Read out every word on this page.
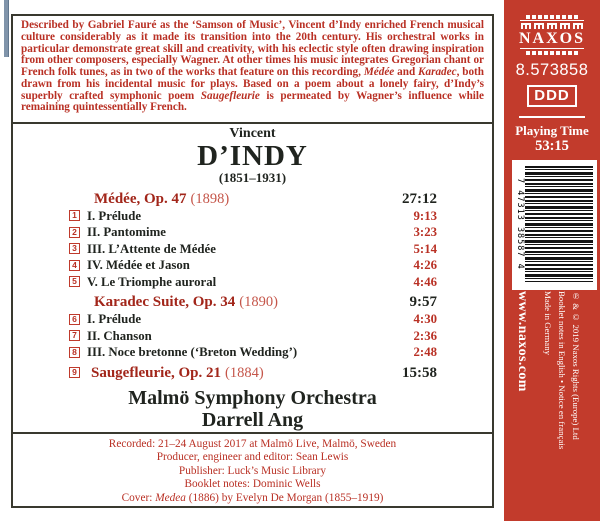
Described by Gabriel Fauré as the ‘Samson of Music’, Vincent d’Indy enriched French musical culture considerably as it made its transition into the 20th century. His orchestral works in particular demonstrate great skill and creativity, with his eclectic style often drawing inspiration from other composers, especially Wagner. At other times his music integrates Gregorian chant or French folk tunes, as in two of the works that feature on this recording, Médée and Karadec, both drawn from his incidental music for plays. Based on a poem about a lonely fairy, d’Indy’s superbly crafted symphonic poem Saugefleurie is permeated by Wagner’s influence while remaining quintessentially French.
Vincent
D’INDY
(1851–1931)
Médée, Op. 47 (1898)	27:12
1 I. Prélude	9:13
2 II. Pantomime	3:23
3 III. L’Attente de Médée	5:14
4 IV. Médée et Jason	4:26
5 V. Le Triomphe auroral	4:46
Karadec Suite, Op. 34 (1890)	9:57
6 I. Prélude	4:30
7 II. Chanson	2:36
8 III. Noce bretonne (‘Breton Wedding’)	2:48
9 Saugefleurie, Op. 21 (1884)	15:58
Malmö Symphony Orchestra
Darrell Ang
Recorded: 21–24 August 2017 at Malmö Live, Malmö, Sweden
Producer, engineer and editor: Sean Lewis
Publisher: Luck’s Music Library
Booklet notes: Dominic Wells
Cover: Medea (1886) by Evelyn De Morgan (1855–1919)
NAXOS
8.573858
DDD
Playing Time
53:15
7 47313 38587 4
www.naxos.com	Made in Germany Booklet notes in English • Notice en français ℗ & © 2019 Naxos Rights (Europe) Ltd
